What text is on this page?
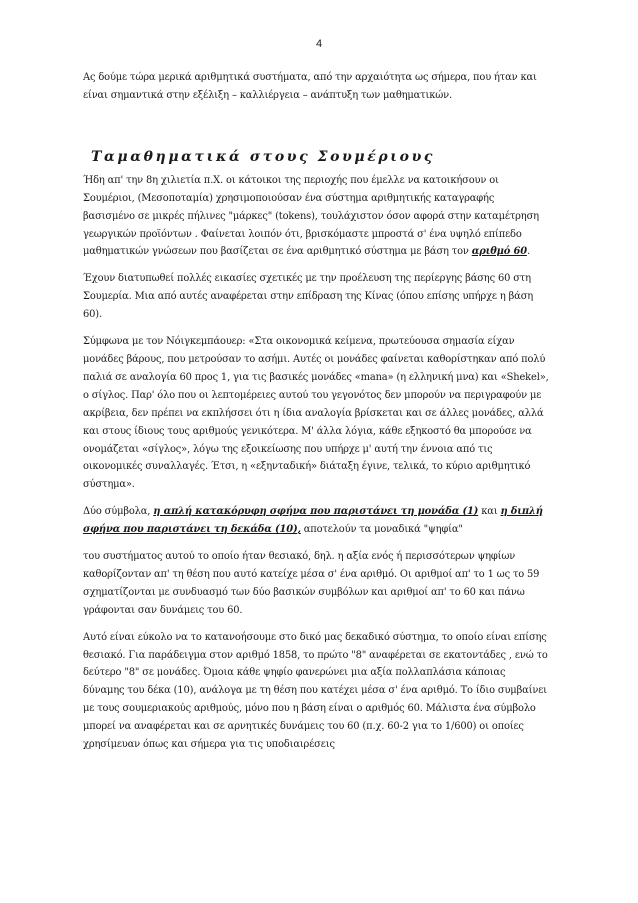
4

Ας δούμε τώρα μερικά αριθμητικά συστήματα, από την αρχαιότητα ως σήμερα, που ήταν και είναι σημαντικά στην εξέλιξη – καλλιέργεια – ανάπτυξη των μαθηματικών.

Ταμαθηματικά στους Σουμέριους

Ήδη απ' την 8η χιλιετία π.Χ. οι κάτοικοι της περιοχής που έμελλε να κατοικήσουν οι Σουμέριοι, (Μεσοποταμία) χρησιμοποιούσαν ένα σύστημα αριθμητικής καταγραφής βασισμένο σε μικρές πήλινες "μάρκες" (tokens), τουλάχιστον όσον αφορά στην καταμέτρηση γεωργικών προϊόντων . Φαίνεται λοιπόν ότι, βρισκόμαστε μπροστά σ' ένα υψηλό επίπεδο μαθηματικών γνώσεων που βασίζεται σε ένα αριθμητικό σύστημα με βάση τον αριθμό 60.

Έχουν διατυπωθεί πολλές εικασίες σχετικές με την προέλευση της περίεργης βάσης 60 στη Σουμερία. Μια από αυτές αναφέρεται στην επίδραση της Κίνας (όπου επίσης υπήρχε η βάση 60).

Σύμφωνα με τον Νόιγκεμπάουερ: «Στα οικονομικά κείμενα, πρωτεύουσα σημασία είχαν μονάδες βάρους, που μετρούσαν το ασήμι. Αυτές οι μονάδες φαίνεται καθορίστηκαν από πολύ παλιά σε αναλογία 60 προς 1, για τις βασικές μονάδες «mana» (η ελληνική μνα) και «Shekel», ο σίγλος. Παρ' όλο που οι λεπτομέρειες αυτού του γεγονότος δεν μπορούν να περιγραφούν με ακρίβεια, δεν πρέπει να εκπλήσσει ότι η ίδια αναλογία βρίσκεται και σε άλλες μονάδες, αλλά και στους ίδιους τους αριθμούς γενικότερα. Μ' άλλα λόγια, κάθε εξηκοστό θα μπορούσε να ονομάζεται «σίγλος», λόγω της εξοικείωσης που υπήρχε μ' αυτή την έννοια από τις οικονομικές συναλλαγές. Έτσι, η «εξηνταδική» διάταξη έγινε, τελικά, το κύριο αριθμητικό σύστημα».

Δύο σύμβολα, η απλή κατακόρυφη σφήνα που παριστάνει τη μονάδα (1) και η διπλή σφήνα που παριστάνει τη δεκάδα (10), αποτελούν τα μοναδικά "ψηφία"

του συστήματος αυτού το οποίο ήταν θεσιακό, δηλ. η αξία ενός ή περισσότερων ψηφίων καθορίζονταν απ' τη θέση που αυτό κατείχε μέσα σ' ένα αριθμό. Οι αριθμοί απ' το 1 ως το 59 σχηματίζονται με συνδυασμό των δύο βασικών συμβόλων και αριθμοί απ' το 60 και πάνω γράφονται σαν δυνάμεις του 60.

Αυτό είναι εύκολο να το κατανοήσουμε στο δικό μας δεκαδικό σύστημα, το οποίο είναι επίσης θεσιακό. Για παράδειγμα στον αριθμό 1858, το πρώτο "8" αναφέρεται σε εκατοντάδες , ενώ το δεύτερο "8" σε μονάδες. Όμοια κάθε ψηφίο φανερώνει μια αξία πολλαπλάσια κάποιας δύναμης του δέκα (10), ανάλογα με τη θέση που κατέχει μέσα σ' ένα αριθμό. Το ίδιο συμβαίνει με τους σουμεριακούς αριθμούς, μόνο που η βάση είναι ο αριθμός 60. Μάλιστα ένα σύμβολο μπορεί να αναφέρεται και σε αρνητικές δυνάμεις του 60 (π.χ. 60-2 για το 1/600) οι οποίες χρησίμευαν όπως και σήμερα για τις υποδιαιρέσεις
